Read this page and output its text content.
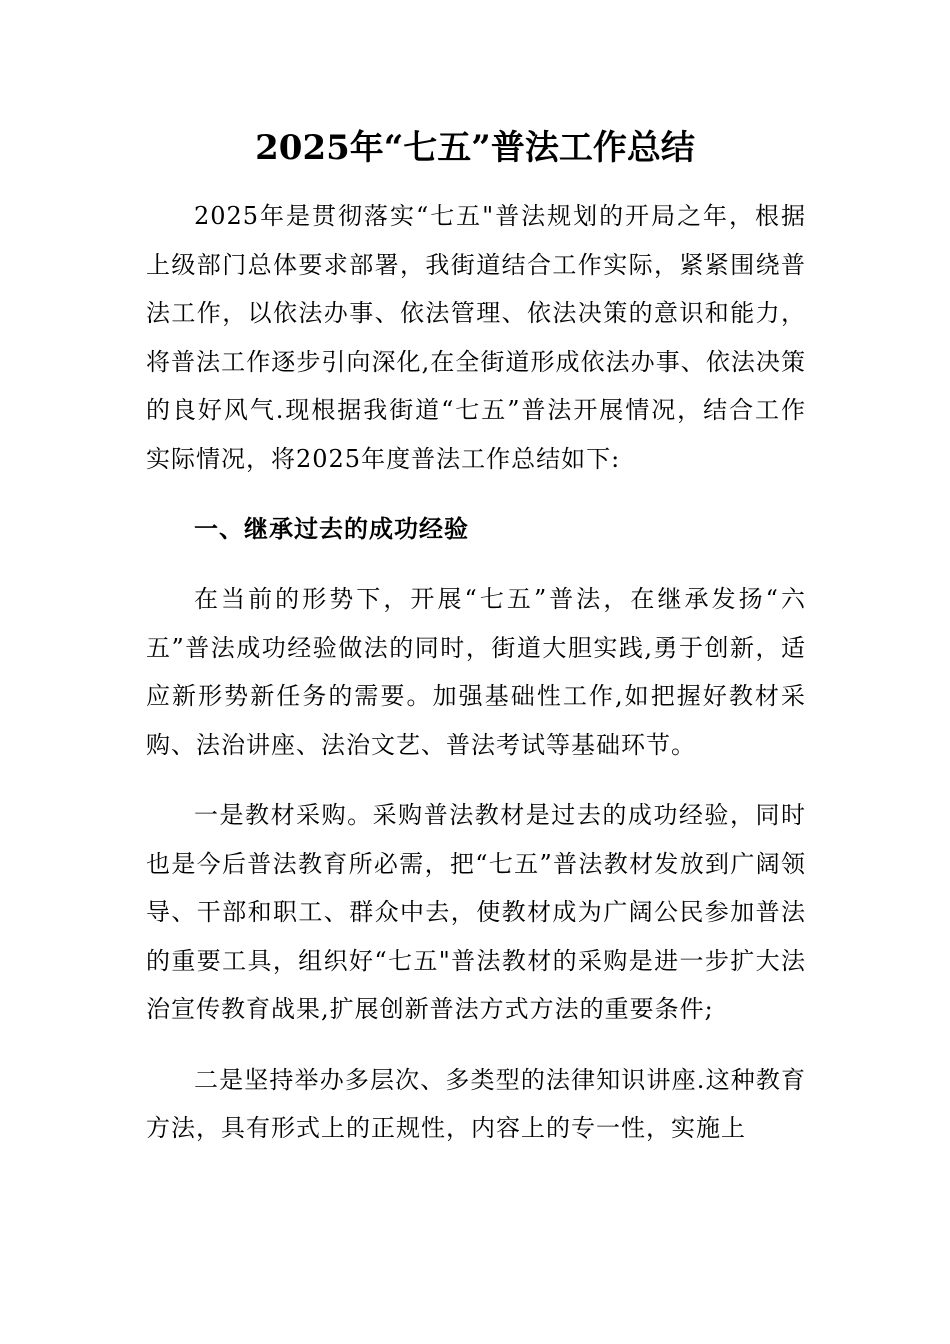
2025年“七五”普法工作总结

2025年是贯彻落实“七五"普法规划的开局之年，根据上级部门总体要求部署，我街道结合工作实际，紧紧围绕普法工作，以依法办事、依法管理、依法决策的意识和能力，将普法工作逐步引向深化,在全街道形成依法办事、依法决策的良好风气.现根据我街道“七五”普法开展情况，结合工作实际情况，将2025年度普法工作总结如下:

一、继承过去的成功经验

在当前的形势下，开展“七五”普法，在继承发扬“六五”普法成功经验做法的同时，街道大胆实践,勇于创新，适应新形势新任务的需要。加强基础性工作,如把握好教材采购、法治讲座、法治文艺、普法考试等基础环节。

一是教材采购。采购普法教材是过去的成功经验，同时也是今后普法教育所必需，把“七五”普法教材发放到广阔领导、干部和职工、群众中去，使教材成为广阔公民参加普法的重要工具，组织好“七五"普法教材的采购是进一步扩大法治宣传教育战果,扩展创新普法方式方法的重要条件;

二是坚持举办多层次、多类型的法律知识讲座.这种教育方法，具有形式上的正规性，内容上的专一性，实施上
